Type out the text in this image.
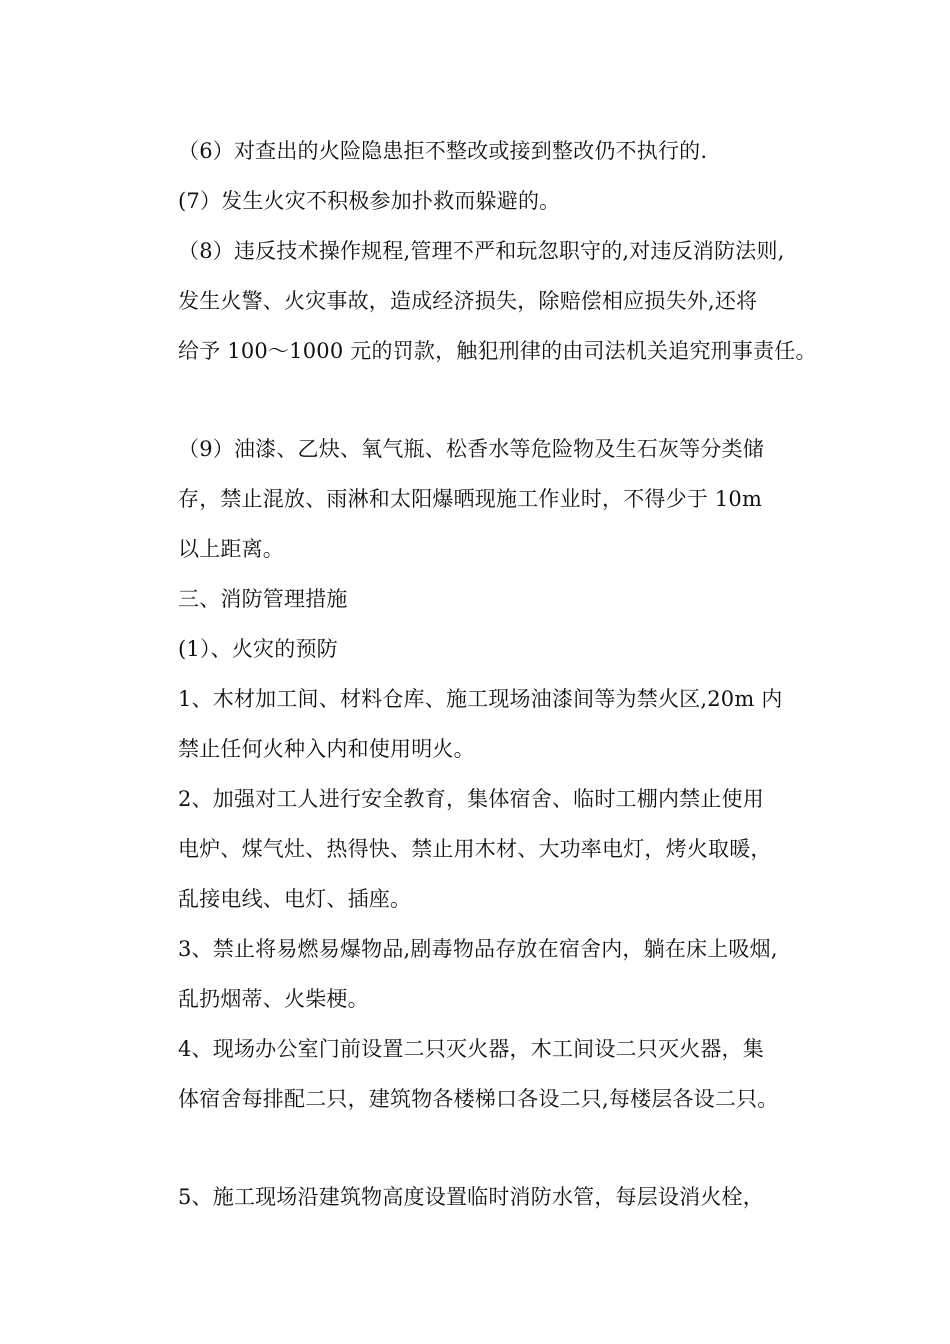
（6）对查出的火险隐患拒不整改或接到整改仍不执行的.
(7）发生火灾不积极参加扑救而躲避的。
（8）违反技术操作规程,管理不严和玩忽职守的,对违反消防法则,
发生火警、火灾事故，造成经济损失，除赔偿相应损失外,还将
给予 100～1000 元的罚款，触犯刑律的由司法机关追究刑事责任。
（9）油漆、乙炔、氧气瓶、松香水等危险物及生石灰等分类储
存，禁止混放、雨淋和太阳爆晒现施工作业时，不得少于 10m
以上距离。
三、消防管理措施
(1）、火灾的预防
1、木材加工间、材料仓库、施工现场油漆间等为禁火区,20m 内
禁止任何火种入内和使用明火。
2、加强对工人进行安全教育，集体宿舍、临时工棚内禁止使用
电炉、煤气灶、热得快、禁止用木材、大功率电灯，烤火取暖，
乱接电线、电灯、插座。
3、禁止将易燃易爆物品,剧毒物品存放在宿舍内，躺在床上吸烟,
乱扔烟蒂、火柴梗。
4、现场办公室门前设置二只灭火器，木工间设二只灭火器，集
体宿舍每排配二只，建筑物各楼梯口各设二只,每楼层各设二只。
5、施工现场沿建筑物高度设置临时消防水管，每层设消火栓，
